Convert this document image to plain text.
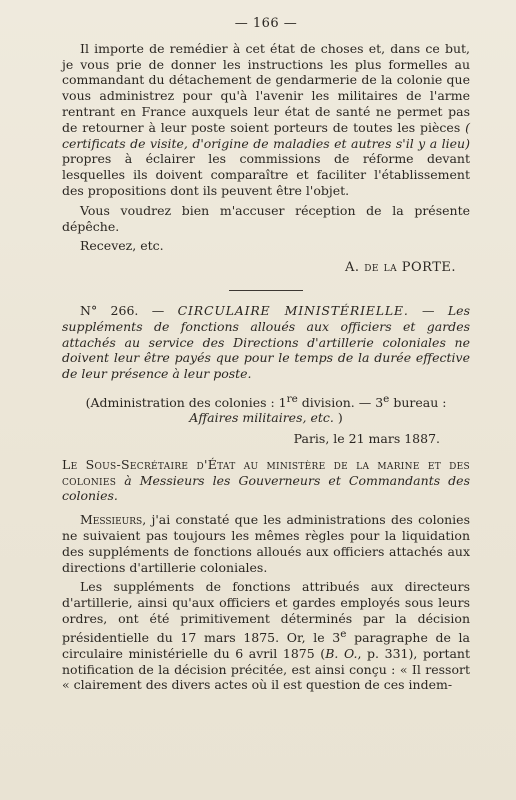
— 166 —

Il importe de remédier à cet état de choses et, dans ce but, je vous prie de donner les instructions les plus formelles au commandant du détachement de gendarmerie de la colonie que vous administrez pour qu'à l'avenir les militaires de l'arme rentrant en France auxquels leur état de santé ne permet pas de retourner à leur poste soient porteurs de toutes les pièces ( certificats de visite, d'origine de maladies et autres s'il y a lieu) propres à éclairer les commissions de réforme devant lesquelles ils doivent comparaître et faciliter l'établissement des propositions dont ils peuvent être l'objet.

Vous voudrez bien m'accuser réception de la présente dépêche.

Recevez, etc.

A. de la PORTE.

N° 266. — CIRCULAIRE MINISTÉRIELLE. — Les suppléments de fonctions alloués aux officiers et gardes attachés au service des Directions d'artillerie coloniales ne doivent leur être payés que pour le temps de la durée effective de leur présence à leur poste.

(Administration des colonies : 1re division. — 3e bureau : Affaires militaires, etc. )
Paris, le 21 mars 1887.

Le Sous-Secrétaire d'État au ministère de la marine et des colonies à Messieurs les Gouverneurs et Commandants des colonies.

Messieurs, j'ai constaté que les administrations des colonies ne suivaient pas toujours les mêmes règles pour la liquidation des suppléments de fonctions alloués aux officiers attachés aux directions d'artillerie coloniales.

Les suppléments de fonctions attribués aux directeurs d'artillerie, ainsi qu'aux officiers et gardes employés sous leurs ordres, ont été primitivement déterminés par la décision présidentielle du 17 mars 1875. Or, le 3e paragraphe de la circulaire ministérielle du 6 avril 1875 (B. O., p. 331), portant notification de la décision précitée, est ainsi conçu : « Il ressort « clairement des divers actes où il est question de ces indem-
